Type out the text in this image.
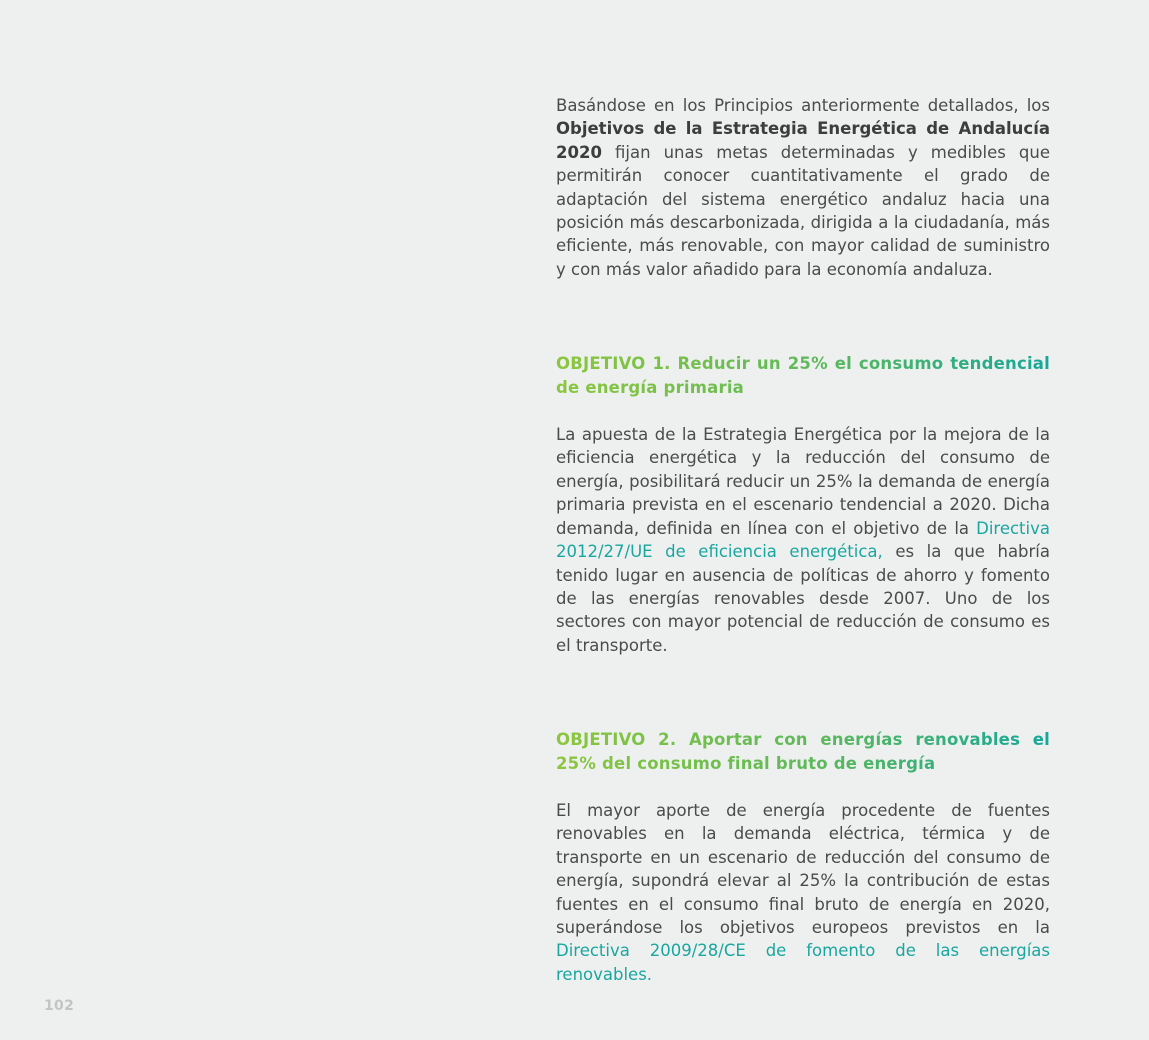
Basándose en los Principios anteriormente detallados, los Objetivos de la Estrategia Energética de Andalucía 2020 fijan unas metas determinadas y medibles que permitirán conocer cuantitativamente el grado de adaptación del sistema energético andaluz hacia una posición más descarbonizada, dirigida a la ciudadanía, más eficiente, más renovable, con mayor calidad de suministro y con más valor añadido para la economía andaluza.

OBJETIVO 1. Reducir un 25% el consumo tendencial de energía primaria

La apuesta de la Estrategia Energética por la mejora de la eficiencia energética y la reducción del consumo de energía, posibilitará reducir un 25% la demanda de energía primaria prevista en el escenario tendencial a 2020. Dicha demanda, definida en línea con el objetivo de la Directiva 2012/27/UE de eficiencia energética, es la que habría tenido lugar en ausencia de políticas de ahorro y fomento de las energías renovables desde 2007. Uno de los sectores con mayor potencial de reducción de consumo es el transporte.

OBJETIVO 2. Aportar con energías renovables el 25% del consumo final bruto de energía

El mayor aporte de energía procedente de fuentes renovables en la demanda eléctrica, térmica y de transporte en un escenario de reducción del consumo de energía, supondrá elevar al 25% la contribución de estas fuentes en el consumo final bruto de energía en 2020, superándose los objetivos europeos previstos en la Directiva 2009/28/CE de fomento de las energías renovables.

102
